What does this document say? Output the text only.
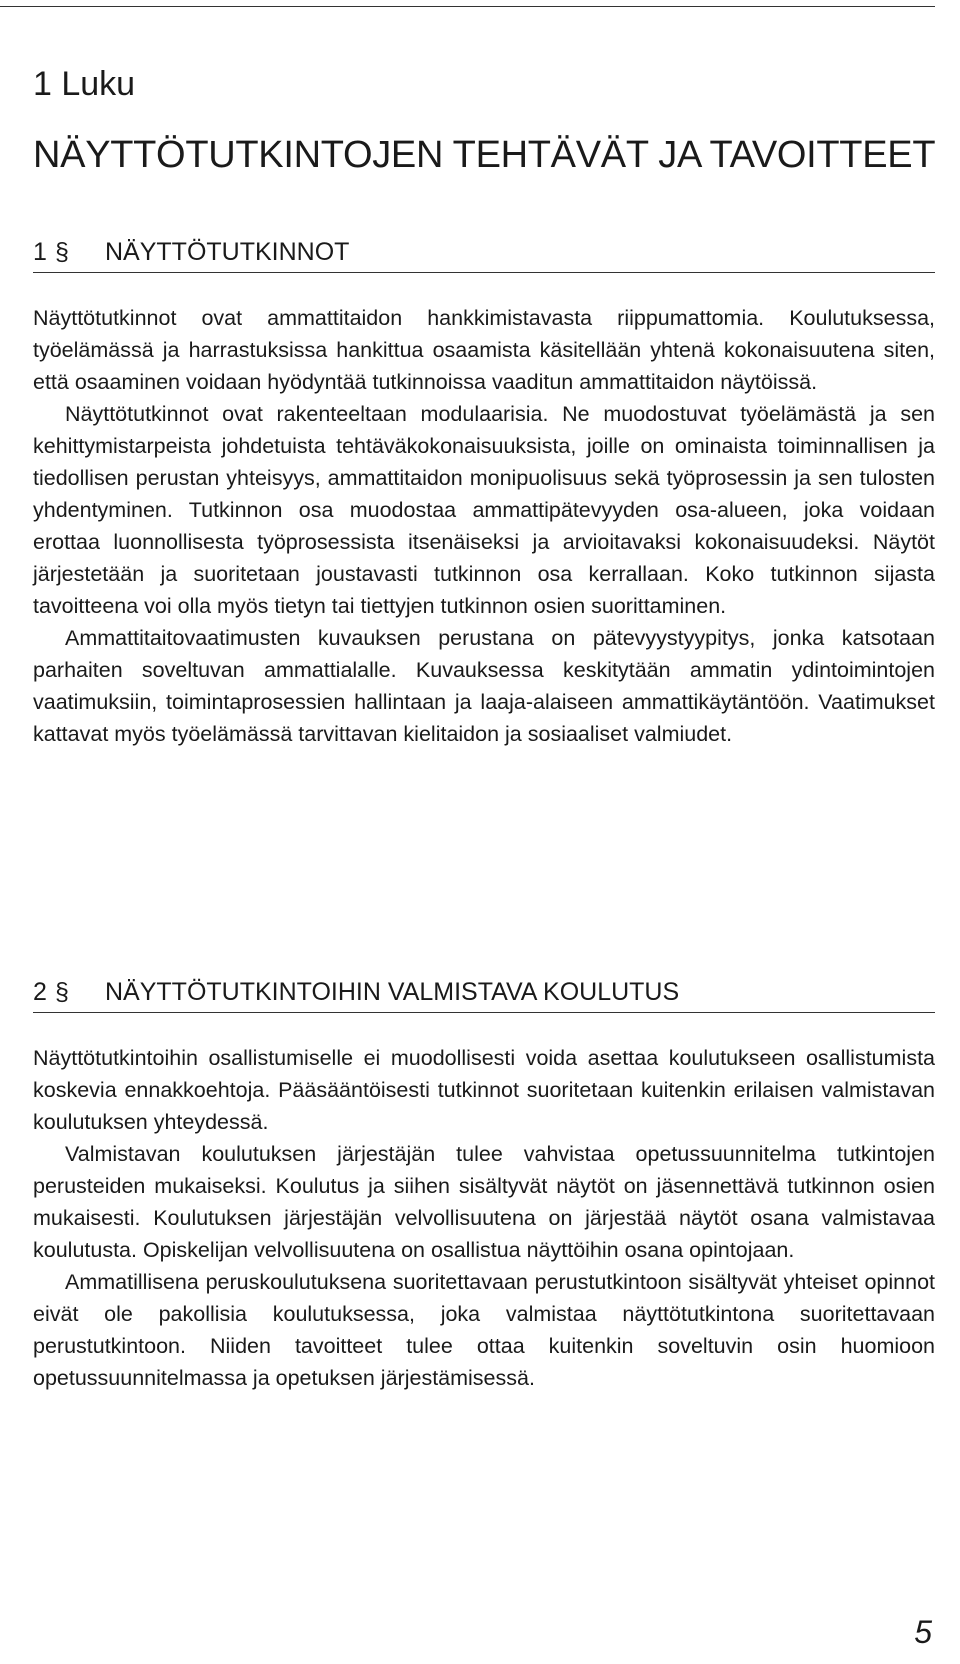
1 Luku
NÄYTTÖTUTKINTOJEN TEHTÄVÄT JA TAVOITTEET
1 § NÄYTTÖTUTKINNOT

Näyttötutkinnot ovat ammattitaidon hankkimistavasta riippumattomia. Koulutuksessa, työelämässä ja harrastuksissa hankittua osaamista käsitellään yhtenä kokonaisuutena siten, että osaaminen voidaan hyödyntää tutkinnoissa vaaditun ammattitaidon näytöissä.

Näyttötutkinnot ovat rakenteeltaan modulaarisia. Ne muodostuvat työelämästä ja sen kehittymistarpeista johdetuista tehtäväkokonaisuuksista, joille on ominaista toiminnallisen ja tiedollisen perustan yhteisyys, ammattitaidon monipuolisuus sekä työprosessin ja sen tulosten yhdentyminen. Tutkinnon osa muodostaa ammattipätevyyden osa-alueen, joka voidaan erottaa luonnollisesta työprosessista itsenäiseksi ja arvioitavaksi kokonaisuudeksi. Näytöt järjestetään ja suoritetaan joustavasti tutkinnon osa kerrallaan. Koko tutkinnon sijasta tavoitteena voi olla myös tietyn tai tiettyjen tutkinnon osien suorittaminen.

Ammattitaitovaatimusten kuvauksen perustana on pätevyystyypitys, jonka katsotaan parhaiten soveltuvan ammattialalle. Kuvauksessa keskitytään ammatin ydintoimintojen vaatimuksiin, toimintaprosessien hallintaan ja laaja-alaiseen ammattikäytäntöön. Vaatimukset kattavat myös työelämässä tarvittavan kielitaidon ja sosiaaliset valmiudet.

2 § NÄYTTÖTUTKINTOIHIN VALMISTAVA KOULUTUS

Näyttötutkintoihin osallistumiselle ei muodollisesti voida asettaa koulutukseen osallistumista koskevia ennakkoehtoja. Pääsääntöisesti tutkinnot suoritetaan kuitenkin erilaisen valmistavan koulutuksen yhteydessä.

Valmistavan koulutuksen järjestäjän tulee vahvistaa opetussuunnitelma tutkintojen perusteiden mukaiseksi. Koulutus ja siihen sisältyvät näytöt on jäsennettävä tutkinnon osien mukaisesti. Koulutuksen järjestäjän velvollisuutena on järjestää näytöt osana valmistavaa koulutusta. Opiskelijan velvollisuutena on osallistua näyttöihin osana opintojaan.

Ammatillisena peruskoulutuksena suoritettavaan perustutkintoon sisältyvät yhteiset opinnot eivät ole pakollisia koulutuksessa, joka valmistaa näyttötutkintona suoritettavaan perustutkintoon. Niiden tavoitteet tulee ottaa kuitenkin soveltuvin osin huomioon opetussuunnitelmassa ja opetuksen järjestämisessä.

5
